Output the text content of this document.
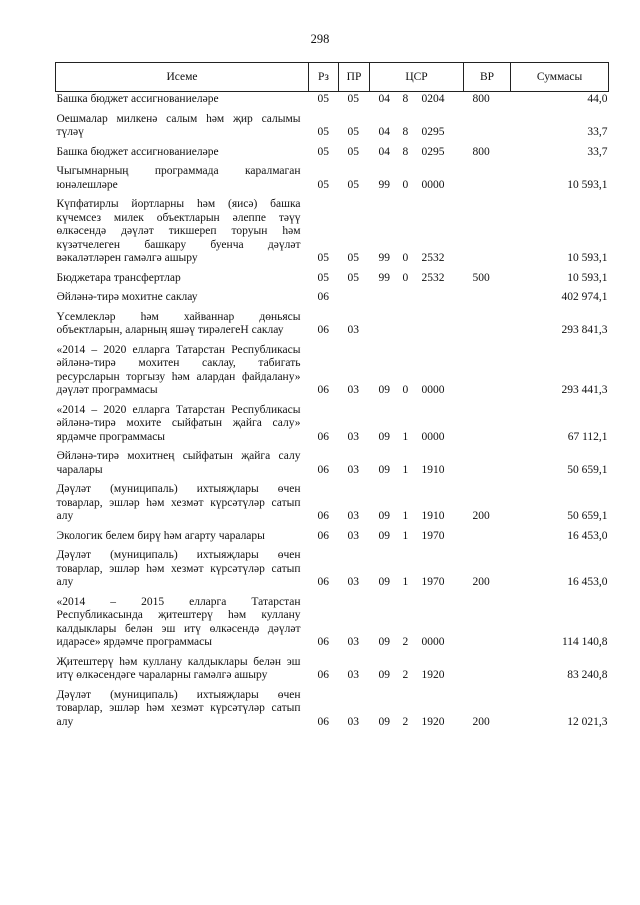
298
Исеме	Рз	ПР	ЦСР			ВР	Суммасы
Башка бюджет ассигнованиеләре	05	05	04	8	0204	800	44,0
Оешмалар милкенә салым һәм җир салымы түләү	05	05	04	8	0295		33,7
Башка бюджет ассигнованиеләре	05	05	04	8	0295	800	33,7
Чыгымнарның программада каралмаган юнәлешләре	05	05	99	0	0000		10 593,1
Күпфатирлы йортларны һәм (яисә) башка күчемсез милек объектларын әлеппе тәүү өлкәсендә дәүләт тикшереп торуын һәм күзәтчелеген башкару буенча дәүләт вәкаләтләрен гамәлгә ашыру	05	05	99	0	2532		10 593,1
Бюджетара трансфертлар	05	05	99	0	2532	500	10 593,1
Әйләнә-тирә мохитне саклау	06						402 974,1
Үсемлекләр һәм хайваннар дөньясы объектларын, аларның яшәү тирәлегеН саклау	06	03					293 841,3
«2014 – 2020 елларга Татарстан Республикасы әйләнә-тирә мохитен саклау, табигать ресурсларын торгызу һәм алардан файдалану» дәүләт программасы	06	03	09	0	0000		293 441,3
«2014 – 2020 елларга Татарстан Республикасы әйләнә-тирә мохите сыйфатын җайга салу» ярдәмче программасы	06	03	09	1	0000		67 112,1
Әйләнә-тирә мохитнең сыйфатын җайга салу чаралары	06	03	09	1	1910		50 659,1
Дәүләт (муниципаль) ихтыяҗлары өчен товарлар, эшләр һәм хезмәт күрсәтүләр сатып алу	06	03	09	1	1910	200	50 659,1
Экологик белем бирү һәм агарту чаралары	06	03	09	1	1970		16 453,0
Дәүләт (муниципаль) ихтыяҗлары өчен товарлар, эшләр һәм хезмәт күрсәтүләр сатып алу	06	03	09	1	1970	200	16 453,0
«2014 – 2015 елларга Татарстан Республикасында җитештерү һәм куллану калдыклары белән эш итү өлкәсендә дәүләт идарәсе» ярдәмче программасы	06	03	09	2	0000		114 140,8
Җитештерү һәм куллану калдыклары белән эш итү өлкәсендәге чараларны гамәлгә ашыру	06	03	09	2	1920		83 240,8
Дәүләт (муниципаль) ихтыяҗлары өчен товарлар, эшләр һәм хезмәт күрсәтүләр сатып алу	06	03	09	2	1920	200	12 021,3
